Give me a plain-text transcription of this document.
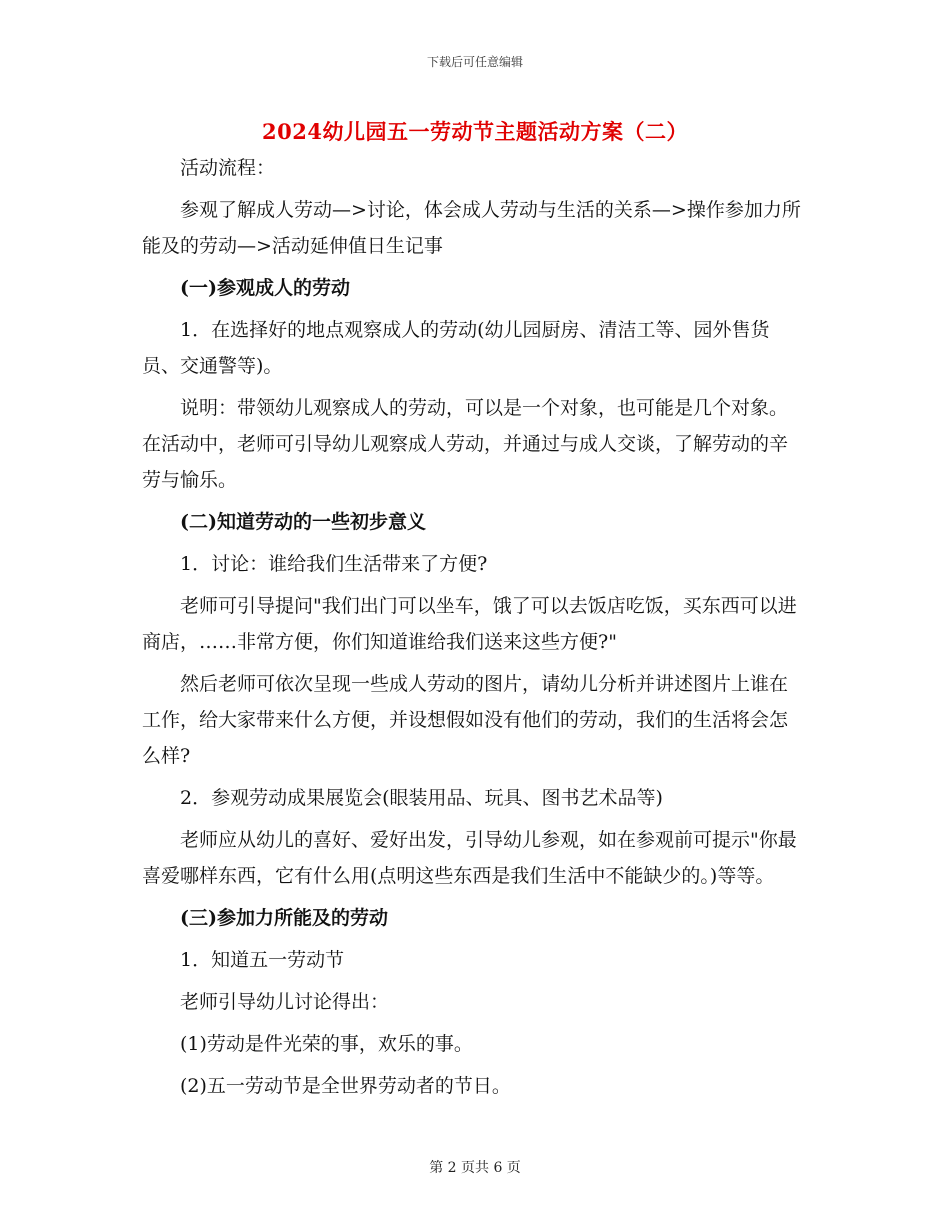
下载后可任意编辑
2024幼儿园五一劳动节主题活动方案（二）

活动流程：

参观了解成人劳动—>讨论，体会成人劳动与生活的关系—>操作参加力所能及的劳动—>活动延伸值日生记事

(一)参观成人的劳动

1．在选择好的地点观察成人的劳动(幼儿园厨房、清洁工等、园外售货员、交通警等)。

说明：带领幼儿观察成人的劳动，可以是一个对象，也可能是几个对象。在活动中，老师可引导幼儿观察成人劳动，并通过与成人交谈，了解劳动的辛劳与愉乐。

(二)知道劳动的一些初步意义

1．讨论：谁给我们生活带来了方便?

老师可引导提问"我们出门可以坐车，饿了可以去饭店吃饭，买东西可以进商店，……非常方便，你们知道谁给我们送来这些方便?"

然后老师可依次呈现一些成人劳动的图片，请幼儿分析并讲述图片上谁在工作，给大家带来什么方便，并设想假如没有他们的劳动，我们的生活将会怎么样?

2．参观劳动成果展览会(眼装用品、玩具、图书艺术品等)

老师应从幼儿的喜好、爱好出发，引导幼儿参观，如在参观前可提示"你最喜爱哪样东西，它有什么用(点明这些东西是我们生活中不能缺少的。)等等。

(三)参加力所能及的劳动

1．知道五一劳动节

老师引导幼儿讨论得出：

(1)劳动是件光荣的事，欢乐的事。

(2)五一劳动节是全世界劳动者的节日。

第 2 页共 6 页
